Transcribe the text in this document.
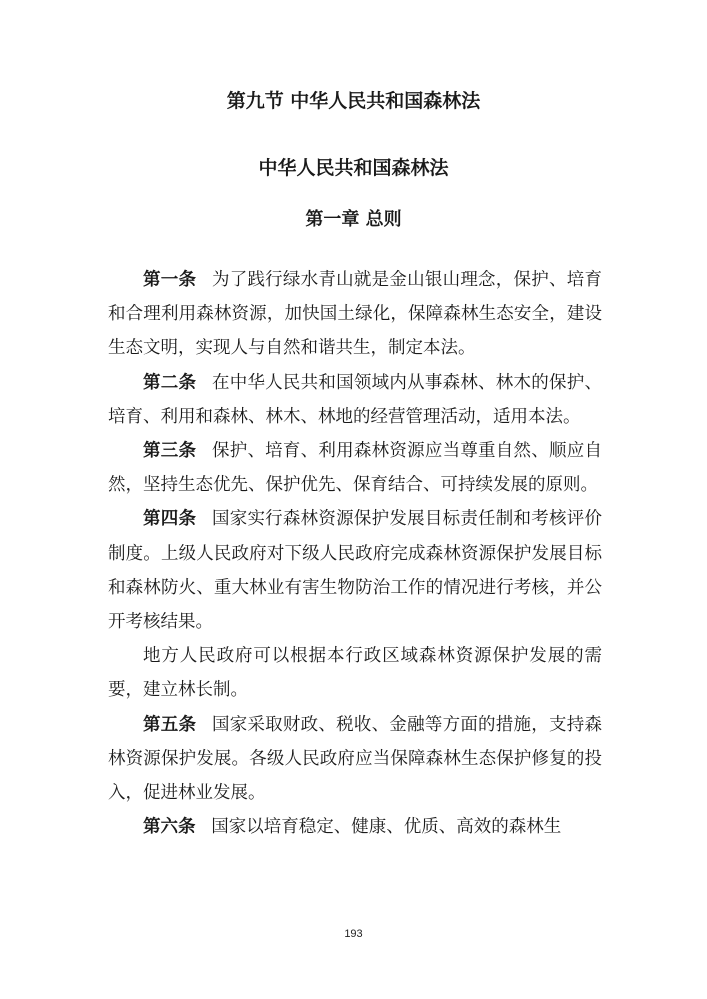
第九节 中华人民共和国森林法
中华人民共和国森林法
第一章 总则

第一条 为了践行绿水青山就是金山银山理念，保护、培育和合理利用森林资源，加快国土绿化，保障森林生态安全，建设生态文明，实现人与自然和谐共生，制定本法。

第二条 在中华人民共和国领域内从事森林、林木的保护、培育、利用和森林、林木、林地的经营管理活动，适用本法。

第三条 保护、培育、利用森林资源应当尊重自然、顺应自然，坚持生态优先、保护优先、保育结合、可持续发展的原则。

第四条 国家实行森林资源保护发展目标责任制和考核评价制度。上级人民政府对下级人民政府完成森林资源保护发展目标和森林防火、重大林业有害生物防治工作的情况进行考核，并公开考核结果。

地方人民政府可以根据本行政区域森林资源保护发展的需要，建立林长制。

第五条 国家采取财政、税收、金融等方面的措施，支持森林资源保护发展。各级人民政府应当保障森林生态保护修复的投入，促进林业发展。

第六条 国家以培育稳定、健康、优质、高效的森林生

193
